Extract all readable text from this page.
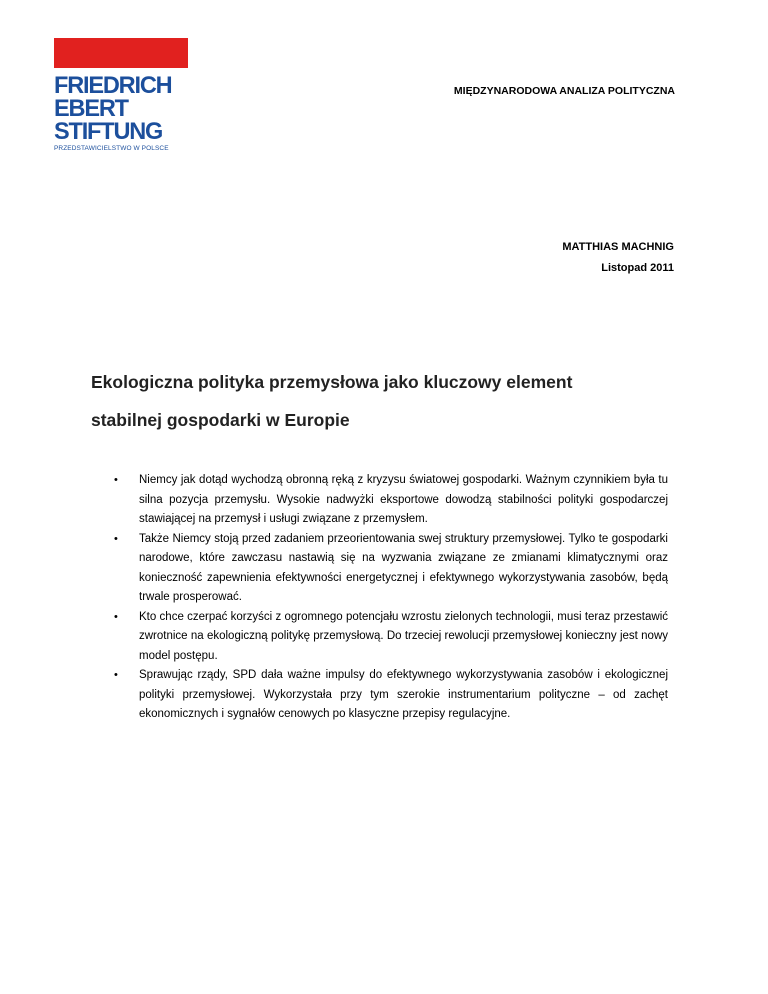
FRIEDRICH
EBERT
STIFTUNG
PRZEDSTAWICIELSTWO W POLSCE
MIĘDZYNARODOWA ANALIZA POLITYCZNA
MATTHIAS MACHNIG
Listopad 2011
Ekologiczna polityka przemysłowa jako kluczowy element
stabilnej gospodarki w Europie
• Niemcy jak dotąd wychodzą obronną ręką z kryzysu światowej gospodarki. Ważnym czynnikiem była tu silna pozycja przemysłu. Wysokie nadwyżki eksportowe dowodzą stabilności polityki gospodarczej stawiającej na przemysł i usługi związane z przemysłem.
• Także Niemcy stoją przed zadaniem przeorientowania swej struktury przemysłowej. Tylko te gospodarki narodowe, które zawczasu nastawią się na wyzwania związane ze zmianami klimatycznymi oraz konieczność zapewnienia efektywności energetycznej i efektywnego wykorzystywania zasobów, będą trwale prosperować.
• Kto chce czerpać korzyści z ogromnego potencjału wzrostu zielonych technologii, musi teraz przestawić zwrotnice na ekologiczną politykę przemysłową. Do trzeciej rewolucji przemysłowej konieczny jest nowy model postępu.
• Sprawując rządy, SPD dała ważne impulsy do efektywnego wykorzystywania zasobów i ekologicznej polityki przemysłowej. Wykorzystała przy tym szerokie instrumentarium polityczne – od zachęt ekonomicznych i sygnałów cenowych po klasyczne przepisy regulacyjne.
